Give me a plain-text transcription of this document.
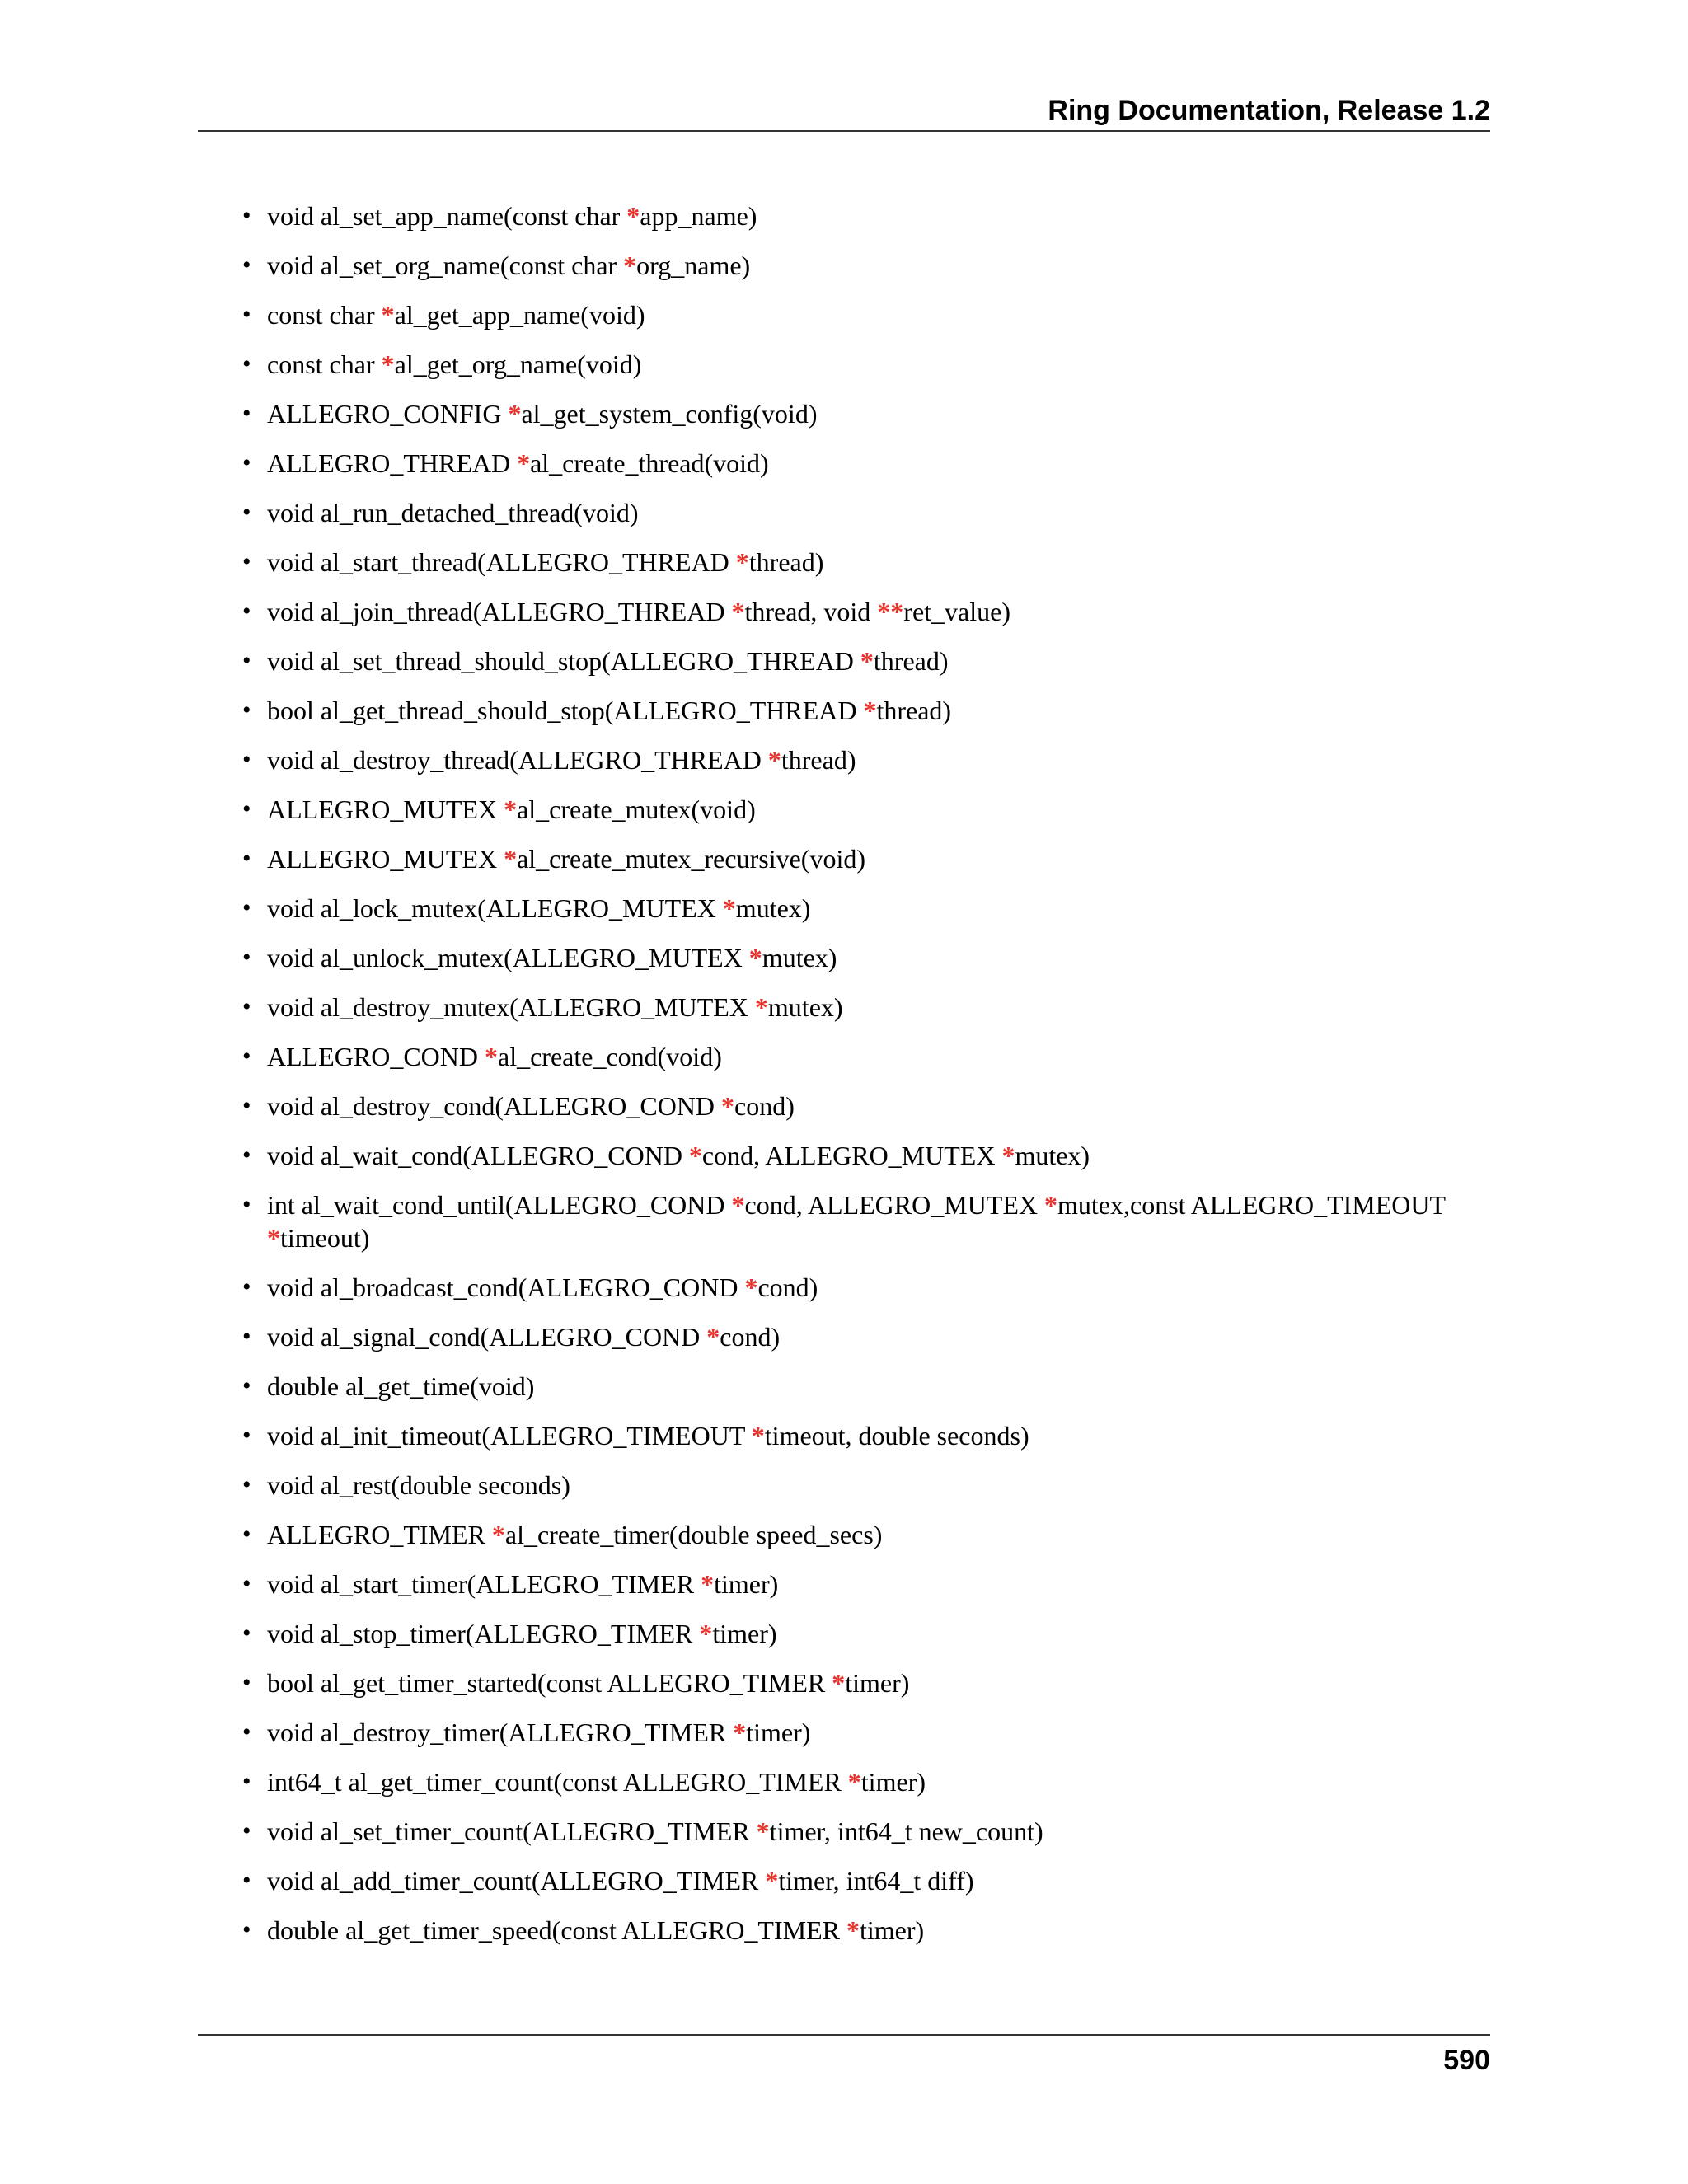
Ring Documentation, Release 1.2
• void al_set_app_name(const char *app_name)
• void al_set_org_name(const char *org_name)
• const char *al_get_app_name(void)
• const char *al_get_org_name(void)
• ALLEGRO_CONFIG *al_get_system_config(void)
• ALLEGRO_THREAD *al_create_thread(void)
• void al_run_detached_thread(void)
• void al_start_thread(ALLEGRO_THREAD *thread)
• void al_join_thread(ALLEGRO_THREAD *thread, void **ret_value)
• void al_set_thread_should_stop(ALLEGRO_THREAD *thread)
• bool al_get_thread_should_stop(ALLEGRO_THREAD *thread)
• void al_destroy_thread(ALLEGRO_THREAD *thread)
• ALLEGRO_MUTEX *al_create_mutex(void)
• ALLEGRO_MUTEX *al_create_mutex_recursive(void)
• void al_lock_mutex(ALLEGRO_MUTEX *mutex)
• void al_unlock_mutex(ALLEGRO_MUTEX *mutex)
• void al_destroy_mutex(ALLEGRO_MUTEX *mutex)
• ALLEGRO_COND *al_create_cond(void)
• void al_destroy_cond(ALLEGRO_COND *cond)
• void al_wait_cond(ALLEGRO_COND *cond, ALLEGRO_MUTEX *mutex)
• int al_wait_cond_until(ALLEGRO_COND *cond, ALLEGRO_MUTEX *mutex,const ALLEGRO_TIMEOUT *timeout)
• void al_broadcast_cond(ALLEGRO_COND *cond)
• void al_signal_cond(ALLEGRO_COND *cond)
• double al_get_time(void)
• void al_init_timeout(ALLEGRO_TIMEOUT *timeout, double seconds)
• void al_rest(double seconds)
• ALLEGRO_TIMER *al_create_timer(double speed_secs)
• void al_start_timer(ALLEGRO_TIMER *timer)
• void al_stop_timer(ALLEGRO_TIMER *timer)
• bool al_get_timer_started(const ALLEGRO_TIMER *timer)
• void al_destroy_timer(ALLEGRO_TIMER *timer)
• int64_t al_get_timer_count(const ALLEGRO_TIMER *timer)
• void al_set_timer_count(ALLEGRO_TIMER *timer, int64_t new_count)
• void al_add_timer_count(ALLEGRO_TIMER *timer, int64_t diff)
• double al_get_timer_speed(const ALLEGRO_TIMER *timer)
590
